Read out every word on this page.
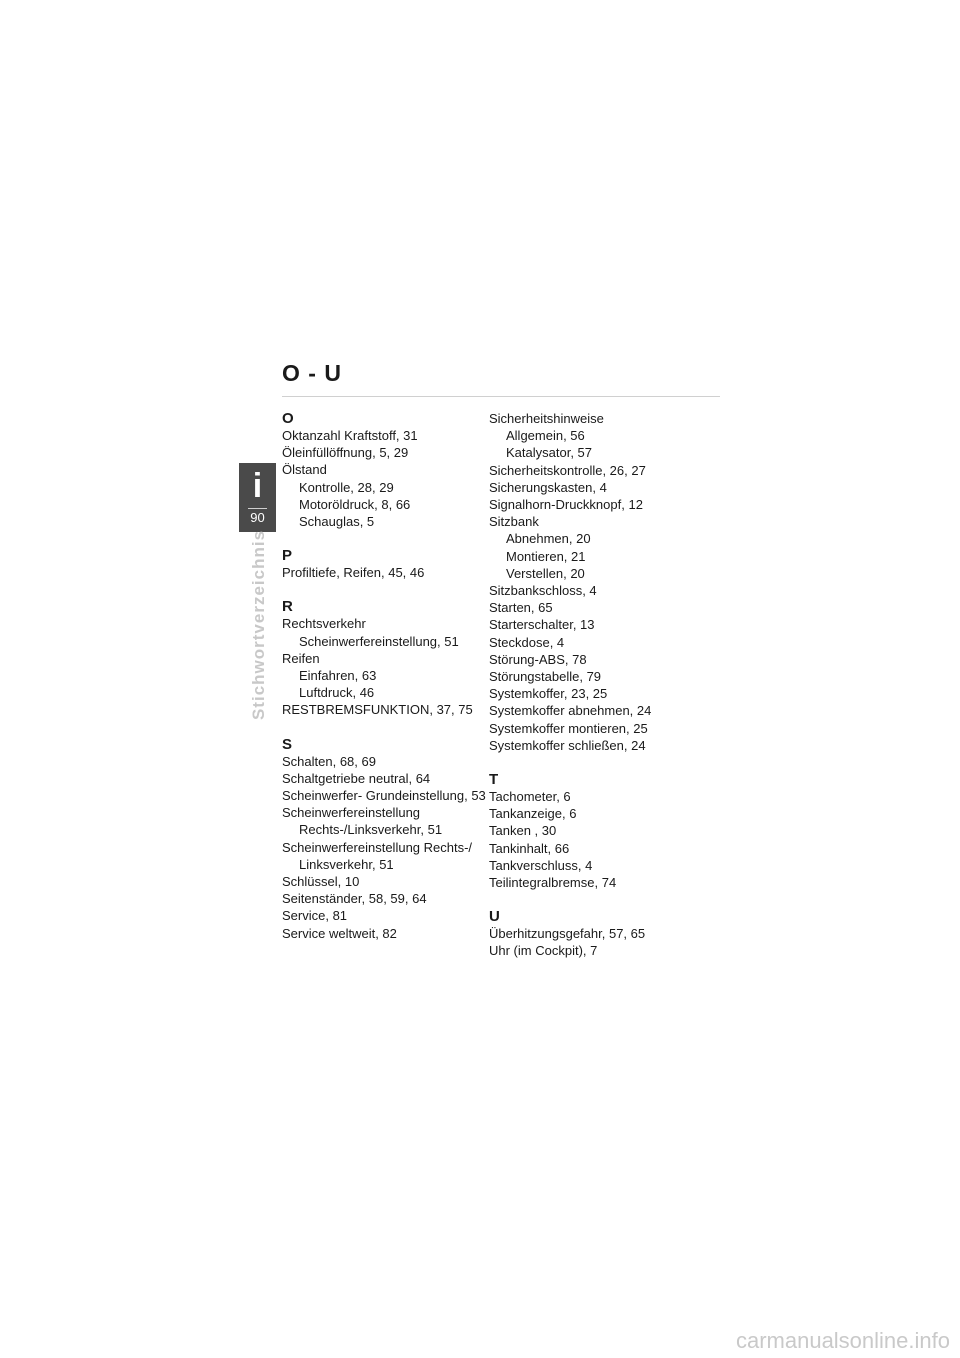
i
90
Stichwortverzeichnis
O - U
O
Oktanzahl Kraftstoff, 31
Öleinfüllöffnung, 5, 29
Ölstand
Kontrolle, 28, 29
Motoröldruck, 8, 66
Schauglas, 5
P
Profiltiefe, Reifen, 45, 46
R
Rechtsverkehr
Scheinwerfereinstellung, 51
Reifen
Einfahren, 63
Luftdruck, 46
RESTBREMSFUNKTION, 37, 75
S
Schalten, 68, 69
Schaltgetriebe neutral, 64
Scheinwerfer- Grundeinstellung, 53
Scheinwerfereinstellung
Rechts-/Linksverkehr, 51
Scheinwerfereinstellung Rechts-/ Linksverkehr, 51
Schlüssel, 10
Seitenständer, 58, 59, 64
Service, 81
Service weltweit, 82
Sicherheitshinweise
Allgemein, 56
Katalysator, 57
Sicherheitskontrolle, 26, 27
Sicherungskasten, 4
Signalhorn-Druckknopf, 12
Sitzbank
Abnehmen, 20
Montieren, 21
Verstellen, 20
Sitzbankschloss, 4
Starten, 65
Starterschalter, 13
Steckdose, 4
Störung-ABS, 78
Störungstabelle, 79
Systemkoffer, 23, 25
Systemkoffer abnehmen, 24
Systemkoffer montieren, 25
Systemkoffer schließen, 24
T
Tachometer, 6
Tankanzeige, 6
Tanken , 30
Tankinhalt, 66
Tankverschluss, 4
Teilintegralbremse, 74
U
Überhitzungsgefahr, 57, 65
Uhr (im Cockpit), 7
carmanualsonline.info
